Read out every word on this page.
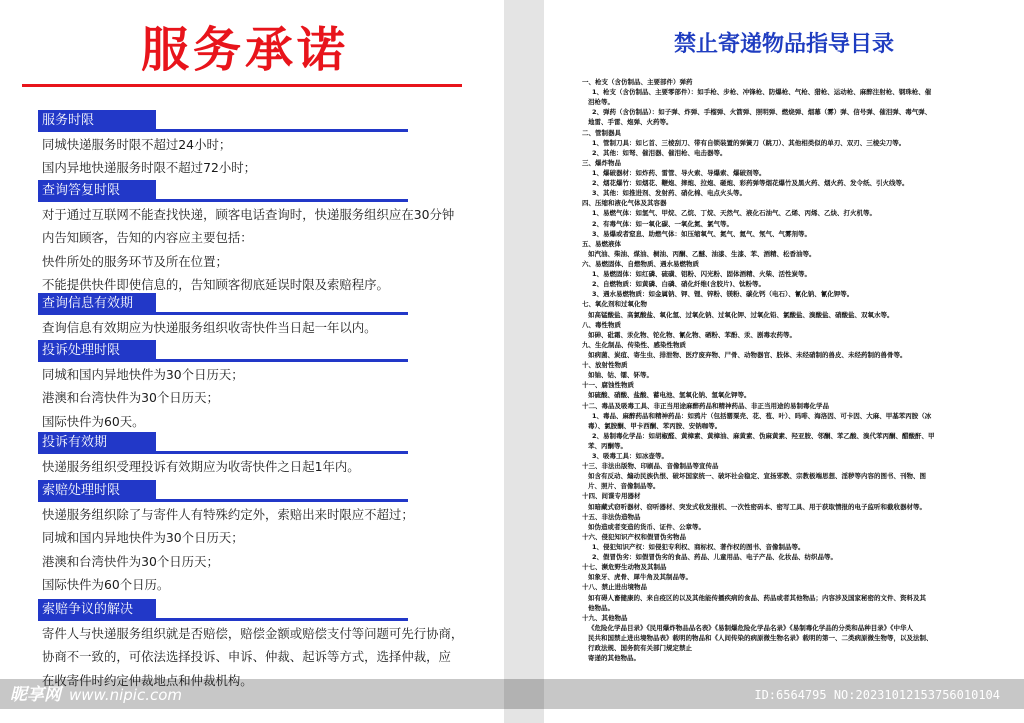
服务承诺
服务时限
同城快递服务时限不超过24小时；
国内异地快递服务时限不超过72小时；
查询答复时限
对于通过互联网不能查找快递，顾客电话查询时，快递服务组织应在30分钟
内告知顾客，告知的内容应主要包括：
快件所处的服务环节及所在位置；
不能提供快件即使信息的，告知顾客彻底延误时限及索赔程序。
查询信息有效期
查询信息有效期应为快递服务组织收寄快件当日起一年以内。
投诉处理时限
同城和国内异地快件为30个日历天；
港澳和台湾快件为30个日历天；
国际快件为60天。
投诉有效期
快递服务组织受理投诉有效期应为收寄快件之日起1年内。
索赔处理时限
快递服务组织除了与寄件人有特殊约定外，索赔出来时限应不超过；
同城和国内异地快件为30个日历天；
港澳和台湾快件为30个日历天；
国际快件为60个日历。
索赔争议的解决
寄件人与快递服务组织就是否赔偿，赔偿金额或赔偿支付等问题可先行协商，
协商不一致的，可依法选择投诉、申诉、仲裁、起诉等方式，选择仲裁，应
在收寄件时约定仲裁地点和仲裁机构。
禁止寄递物品指导目录
一、枪支（含仿制品、主要部件）弹药
1、枪支（含仿制品、主要零部件）：如手枪、步枪、冲锋枪、防爆枪、气枪、猎枪、运动枪、麻醉注射枪、钢珠枪、催
泪枪等。
2、弹药（含仿制品）：如子弹、炸弹、手榴弹、火箭弹、照明弹、燃烧弹、烟幕（雾）弹、信号弹、催泪弹、毒气弹、
地雷、手雷、炮弹、火药等。
二、管制器具
1、管制刀具：如匕首、三棱刮刀、带有自锁装置的弹簧刀（跳刀）、其他相类似的单刃、双刃、三棱尖刀等。
2、其他：如弩、催泪器、催泪枪、电击器等。
三、爆炸物品
1、爆破器材：如炸药、雷管、导火索、导爆索、爆破剂等。
2、烟花爆竹：如烟花、鞭炮、摔炮、拉炮、砸炮、彩药弹等烟花爆竹及黑火药、烟火药、发令纸、引火线等。
3、其他：如推进剂、发射药、硝化棉、电点火头等。
四、压缩和液化气体及其容器
1、易燃气体：如氢气、甲烷、乙烷、丁烷、天然气、液化石油气、乙烯、丙烯、乙炔、打火机等。
2、有毒气体：如一氧化碳、一氧化氮、氯气等。
3、易爆或者窒息、助燃气体：如压缩氧气、氮气、氦气、氖气、气雾剂等。
五、易燃液体
如汽油、柴油、煤油、桐油、丙酮、乙醚、油漆、生漆、苯、酒精、松香油等。
六、易燃固体、自燃物质、遇水易燃物质
1、易燃固体：如红磷、硫磺、铝粉、闪光粉、固体酒精、火柴、活性炭等。
2、自燃物质：如黄磷、白磷、硝化纤维(含胶片)、钛粉等。
3、遇水易燃物质：如金属钠、钾、锂、锌粉、镁粉、碳化钙（电石）、氰化钠、氰化钾等。
七、氧化剂和过氧化物
如高锰酸盐、高氯酸盐、氧化氢、过氧化钠、过氧化钾、过氧化铅、氯酸盐、溴酸盐、硝酸盐、双氧水等。
八、毒性物质
如砷、砒霜、汞化物、铊化物、氰化物、硒粉、苯酚、汞、剧毒农药等。
九、生化制品、传染性、感染性物质
如病菌、炭疽、寄生虫、排泄物、医疗废弃物、尸骨、动物器官、肢体、未经硝制的兽皮、未经药制的兽骨等。
十、放射性物质
如铀、钴、镭、钚等。
十一、腐蚀性物质
如硫酸、硝酸、盐酸、蓄电池、氢氧化钠、氢氧化钾等。
十二、毒品及吸毒工具、非正当用途麻醉药品和精神药品、非正当用途的易制毒化学品
1、毒品、麻醉药品和精神药品：如鸦片（包括罂粟壳、花、苞、叶）、吗啡、海洛因、可卡因、大麻、甲基苯丙胺（冰
毒）、氯胺酮、甲卡西酮、苯丙胺、安钠咖等。
2、易制毒化学品：如胡椒醛、黄樟素、黄樟油、麻黄素、伪麻黄素、羟亚胺、邻酮、苯乙酸、溴代苯丙酮、醋酸酐、甲
苯、丙酮等。
3、吸毒工具：如冰壶等。
十三、非法出版物、印刷品、音像制品等宣传品
如含有反动、煽动民族仇恨、破坏国家统一、破坏社会稳定、宣扬邪教、宗教极端思想、淫秽等内容的图书、刊物、图
片、照片、音像制品等。
十四、间谍专用器材
如暗藏式窃听器材、窃听器材、突发式收发报机、一次性密码本、密写工具、用于获取情报的电子监听和截收器材等。
十五、非法伪造物品
如伪造或者变造的货币、证件、公章等。
十六、侵犯知识产权和假冒伪劣物品
1、侵犯知识产权：如侵犯专利权、商标权、著作权的图书、音像制品等。
2、假冒伪劣：如假冒伪劣的食品、药品、儿童用品、电子产品、化妆品、纺织品等。
十七、濒危野生动物及其制品
如象牙、虎骨、犀牛角及其制品等。
十八、禁止进出境物品
如有碍人畜健康的、来自疫区的以及其他能传播疾病的食品、药品或者其他物品；内容涉及国家秘密的文件、资料及其
他物品。
十九、其他物品
《危险化学品目录》《民用爆炸物品品名表》《易制爆危险化学品名录》《易制毒化学品的分类和品种目录》《中华人
民共和国禁止进出境物品表》载明的物品和《人间传染的病原微生物名录》载明的第一、二类病原微生物等，以及法制、
行政法规、国务院有关部门规定禁止
寄递的其他物品。
昵享网 www.nipic.com	ID:6564795 NO:20231012153756010104
